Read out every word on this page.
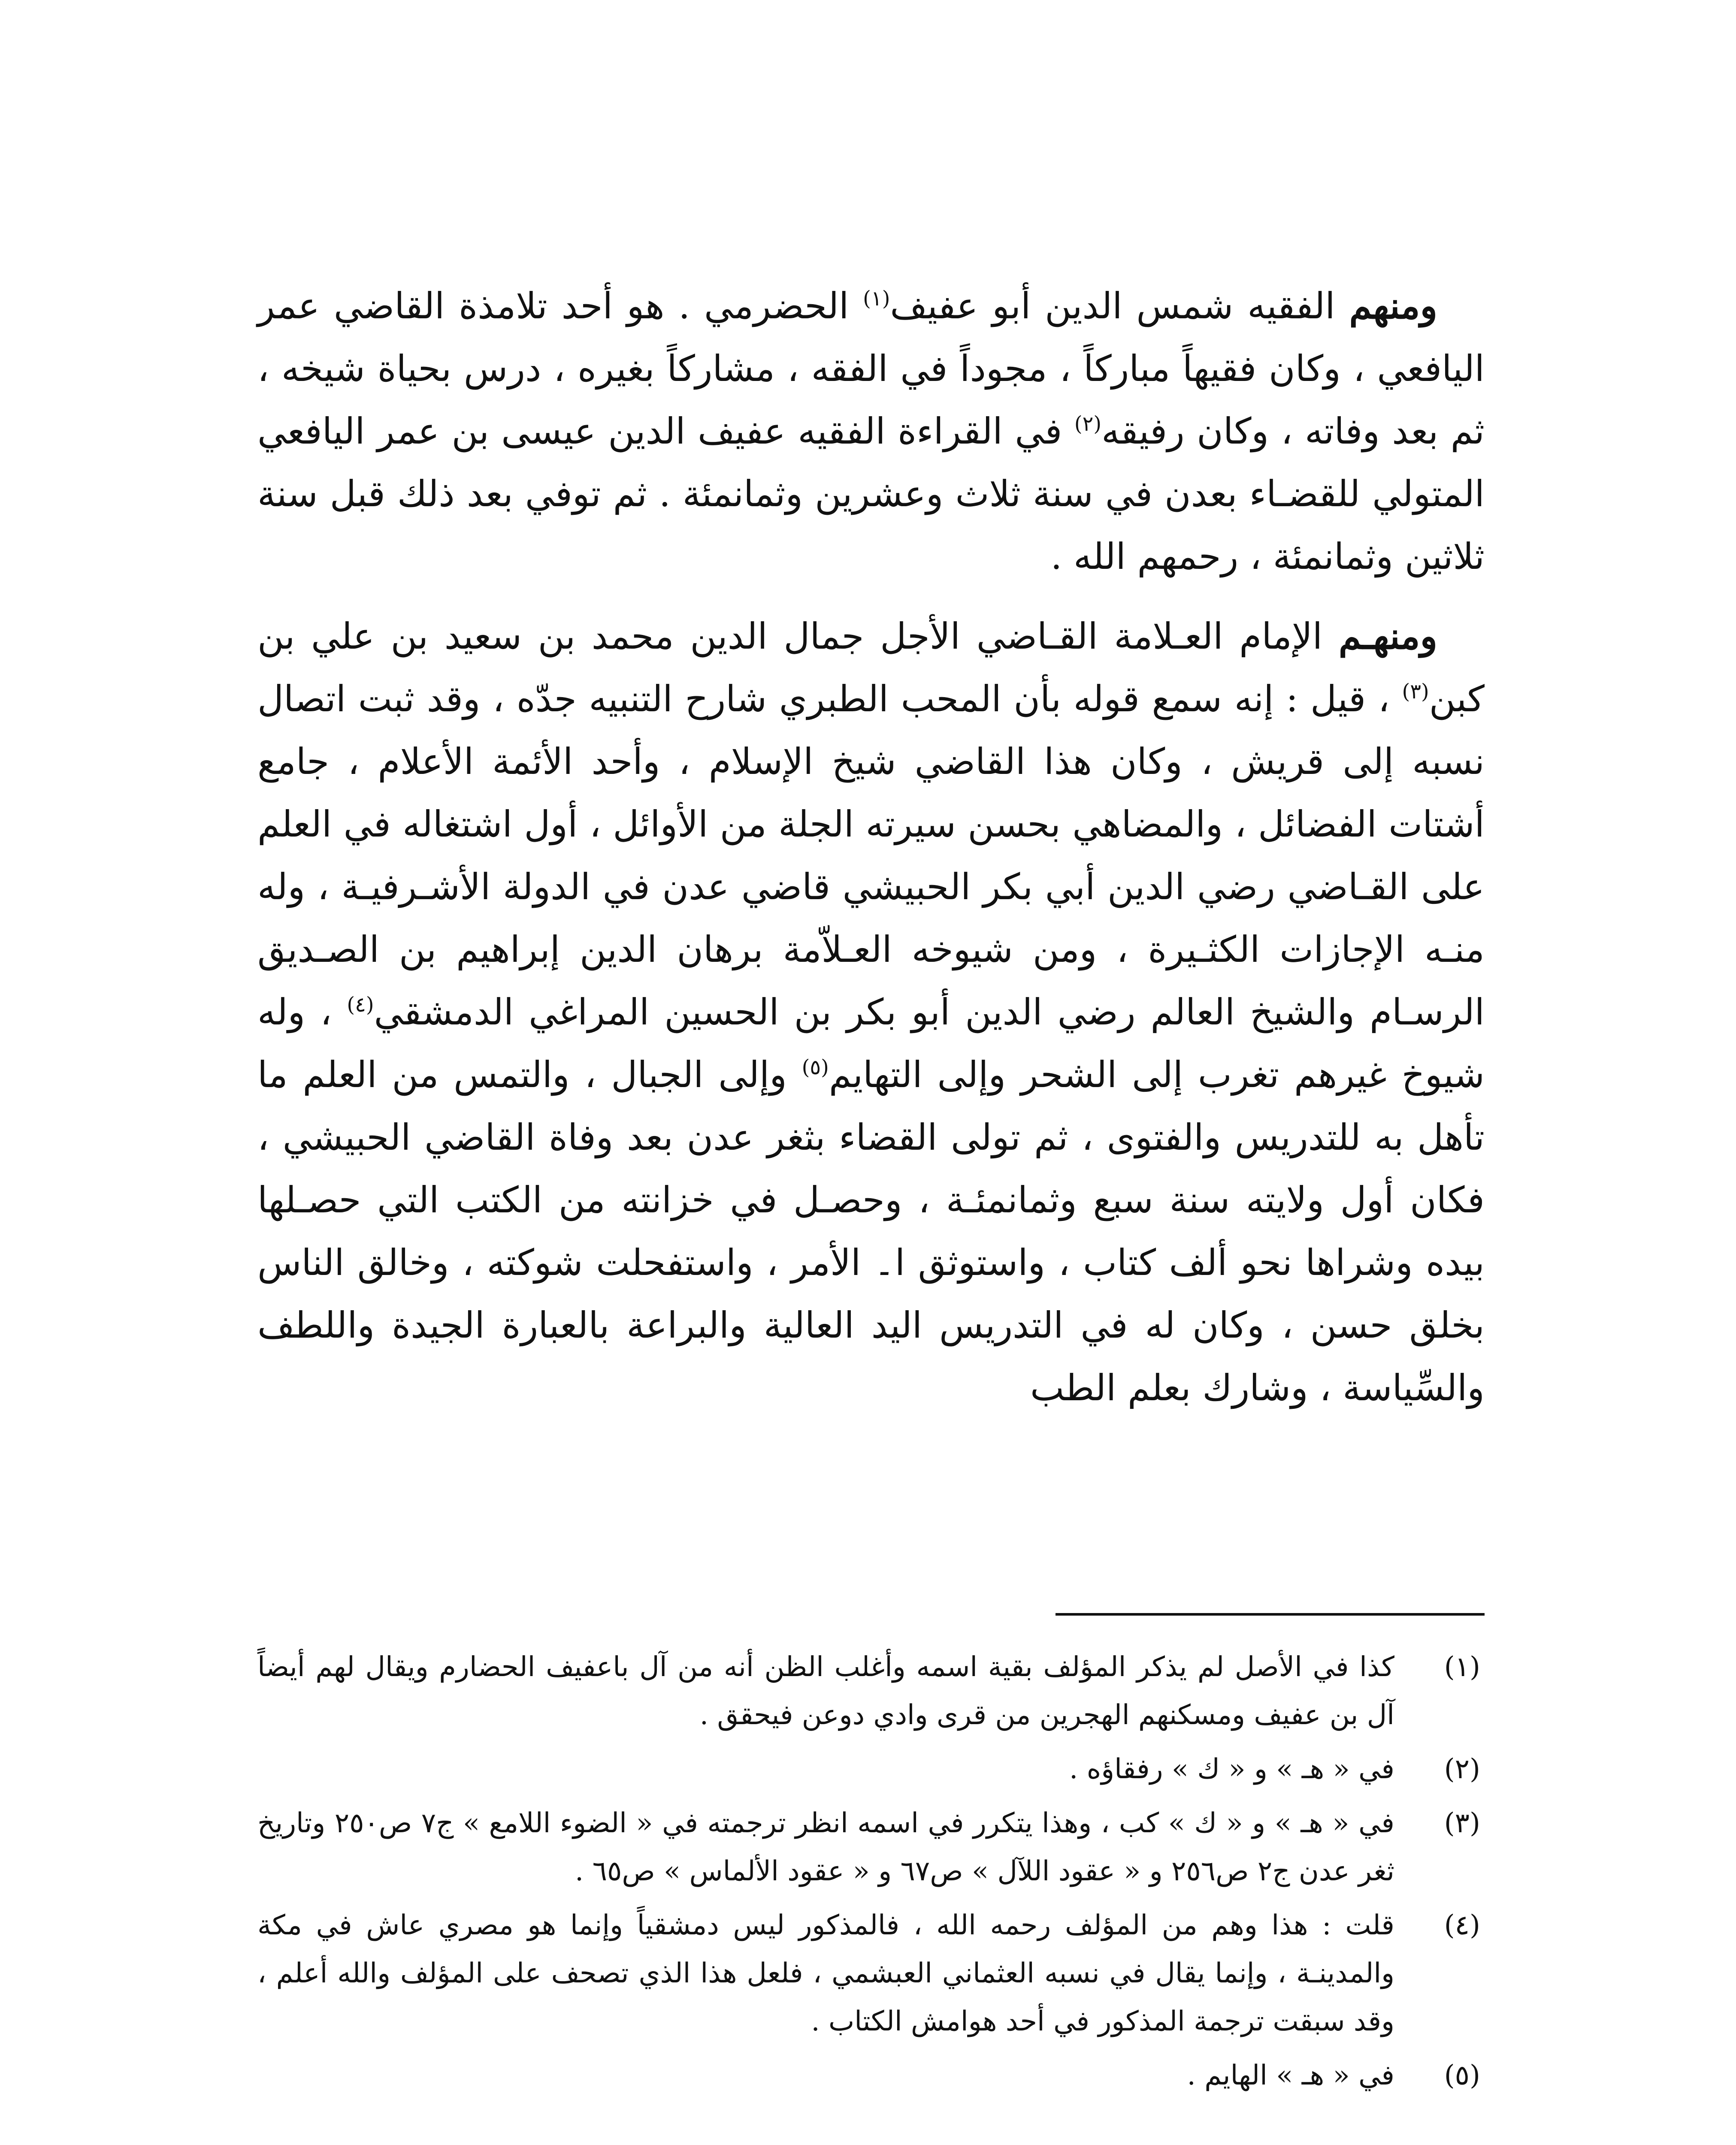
ومنهم الفقيه شمس الدين أبو عفيف$^{(١)}$ الحضرمي . هو أحد تلامذة القاضي عمر اليافعي ، وكان فقيهاً مباركاً ، مجوداً في الفقه ، مشاركاً بغيره ، درس بحياة شيخه ، ثم بعد وفاته ، وكان رفيقه$^{(٢)}$ في القراءة الفقيه عفيف الدين عيسى بن عمر اليافعي المتولي للقضـاء بعدن في سنة ثلاث وعشرين وثمانمئة . ثم توفي بعد ذلك قبل سنة ثلاثين وثمانمئة ، رحمهم الله .

ومنهـم الإمام العـلامة القـاضي الأجل جمال الدين محمد بن سعيد بن علي بن كبن$^{(٣)}$ ، قيل : إنه سمع قوله بأن المحب الطبري شارح التنبيه جدّه ، وقد ثبت اتصال نسبه إلى قريش ، وكان هذا القاضي شيخ الإسلام ، وأحد الأئمة الأعلام ، جامع أشتات الفضائل ، والمضاهي بحسن سيرته الجلة من الأوائل ، أول اشتغاله في العلم على القـاضي رضي الدين أبي بكر الحبيشي قاضي عدن في الدولة الأشـرفيـة ، وله منـه الإجازات الكثـيرة ، ومن شيوخه العـلاّمة برهان الدين إبراهيم بن الصـديق الرسـام والشيخ العالم رضي الدين أبو بكر بن الحسين المراغي الدمشقي$^{(٤)}$ ، وله شيوخ غيرهم تغرب إلى الشحر وإلى التهايم$^{(٥)}$ وإلى الجبال ، والتمس من العلم ما تأهل به للتدريس والفتوى ، ثم تولى القضاء بثغر عدن بعد وفاة القاضي الحبيشي ، فكان أول ولايته سنة سبع وثمانمئـة ، وحصـل في خزانته من الكتب التي حصـلها بيده وشراها نحو ألف كتاب ، واستوثق ا۔ الأمر ، واستفحلت شوكته ، وخالق الناس بخلق حسن ، وكان له في التدريس اليد العالية والبراعة بالعبارة الجيدة واللطف والسِّياسة ، وشارك بعلم الطب

(١)
كذا في الأصل لم يذكر المؤلف بقية اسمه وأغلب الظن أنه من آل باعفيف الحضارم ويقال لهم أيضاً آل بن عفيف ومسكنهم الهجرين من قرى وادي دوعن فيحقق .
(٢)
في « هـ » و « ك » رفقاؤه .
(٣)
في « هـ » و « ك » كب ، وهذا يتكرر في اسمه انظر ترجمته في « الضوء اللامع » ج٧ ص٢٥٠ وتاريخ ثغر عدن ج٢ ص٢٥٦ و « عقود اللآل » ص٦٧ و « عقود الألماس » ص٦٥ .
(٤)
قلت : هذا وهم من المؤلف رحمه الله ، فالمذكور ليس دمشقياً وإنما هو مصري عاش في مكة والمدينـة ، وإنما يقال في نسبه العثماني العبشمي ، فلعل هذا الذي تصحف على المؤلف والله أعلم ، وقد سبقت ترجمة المذكور في أحد هوامش الكتاب .
(٥)
في « هـ » الهايم .
